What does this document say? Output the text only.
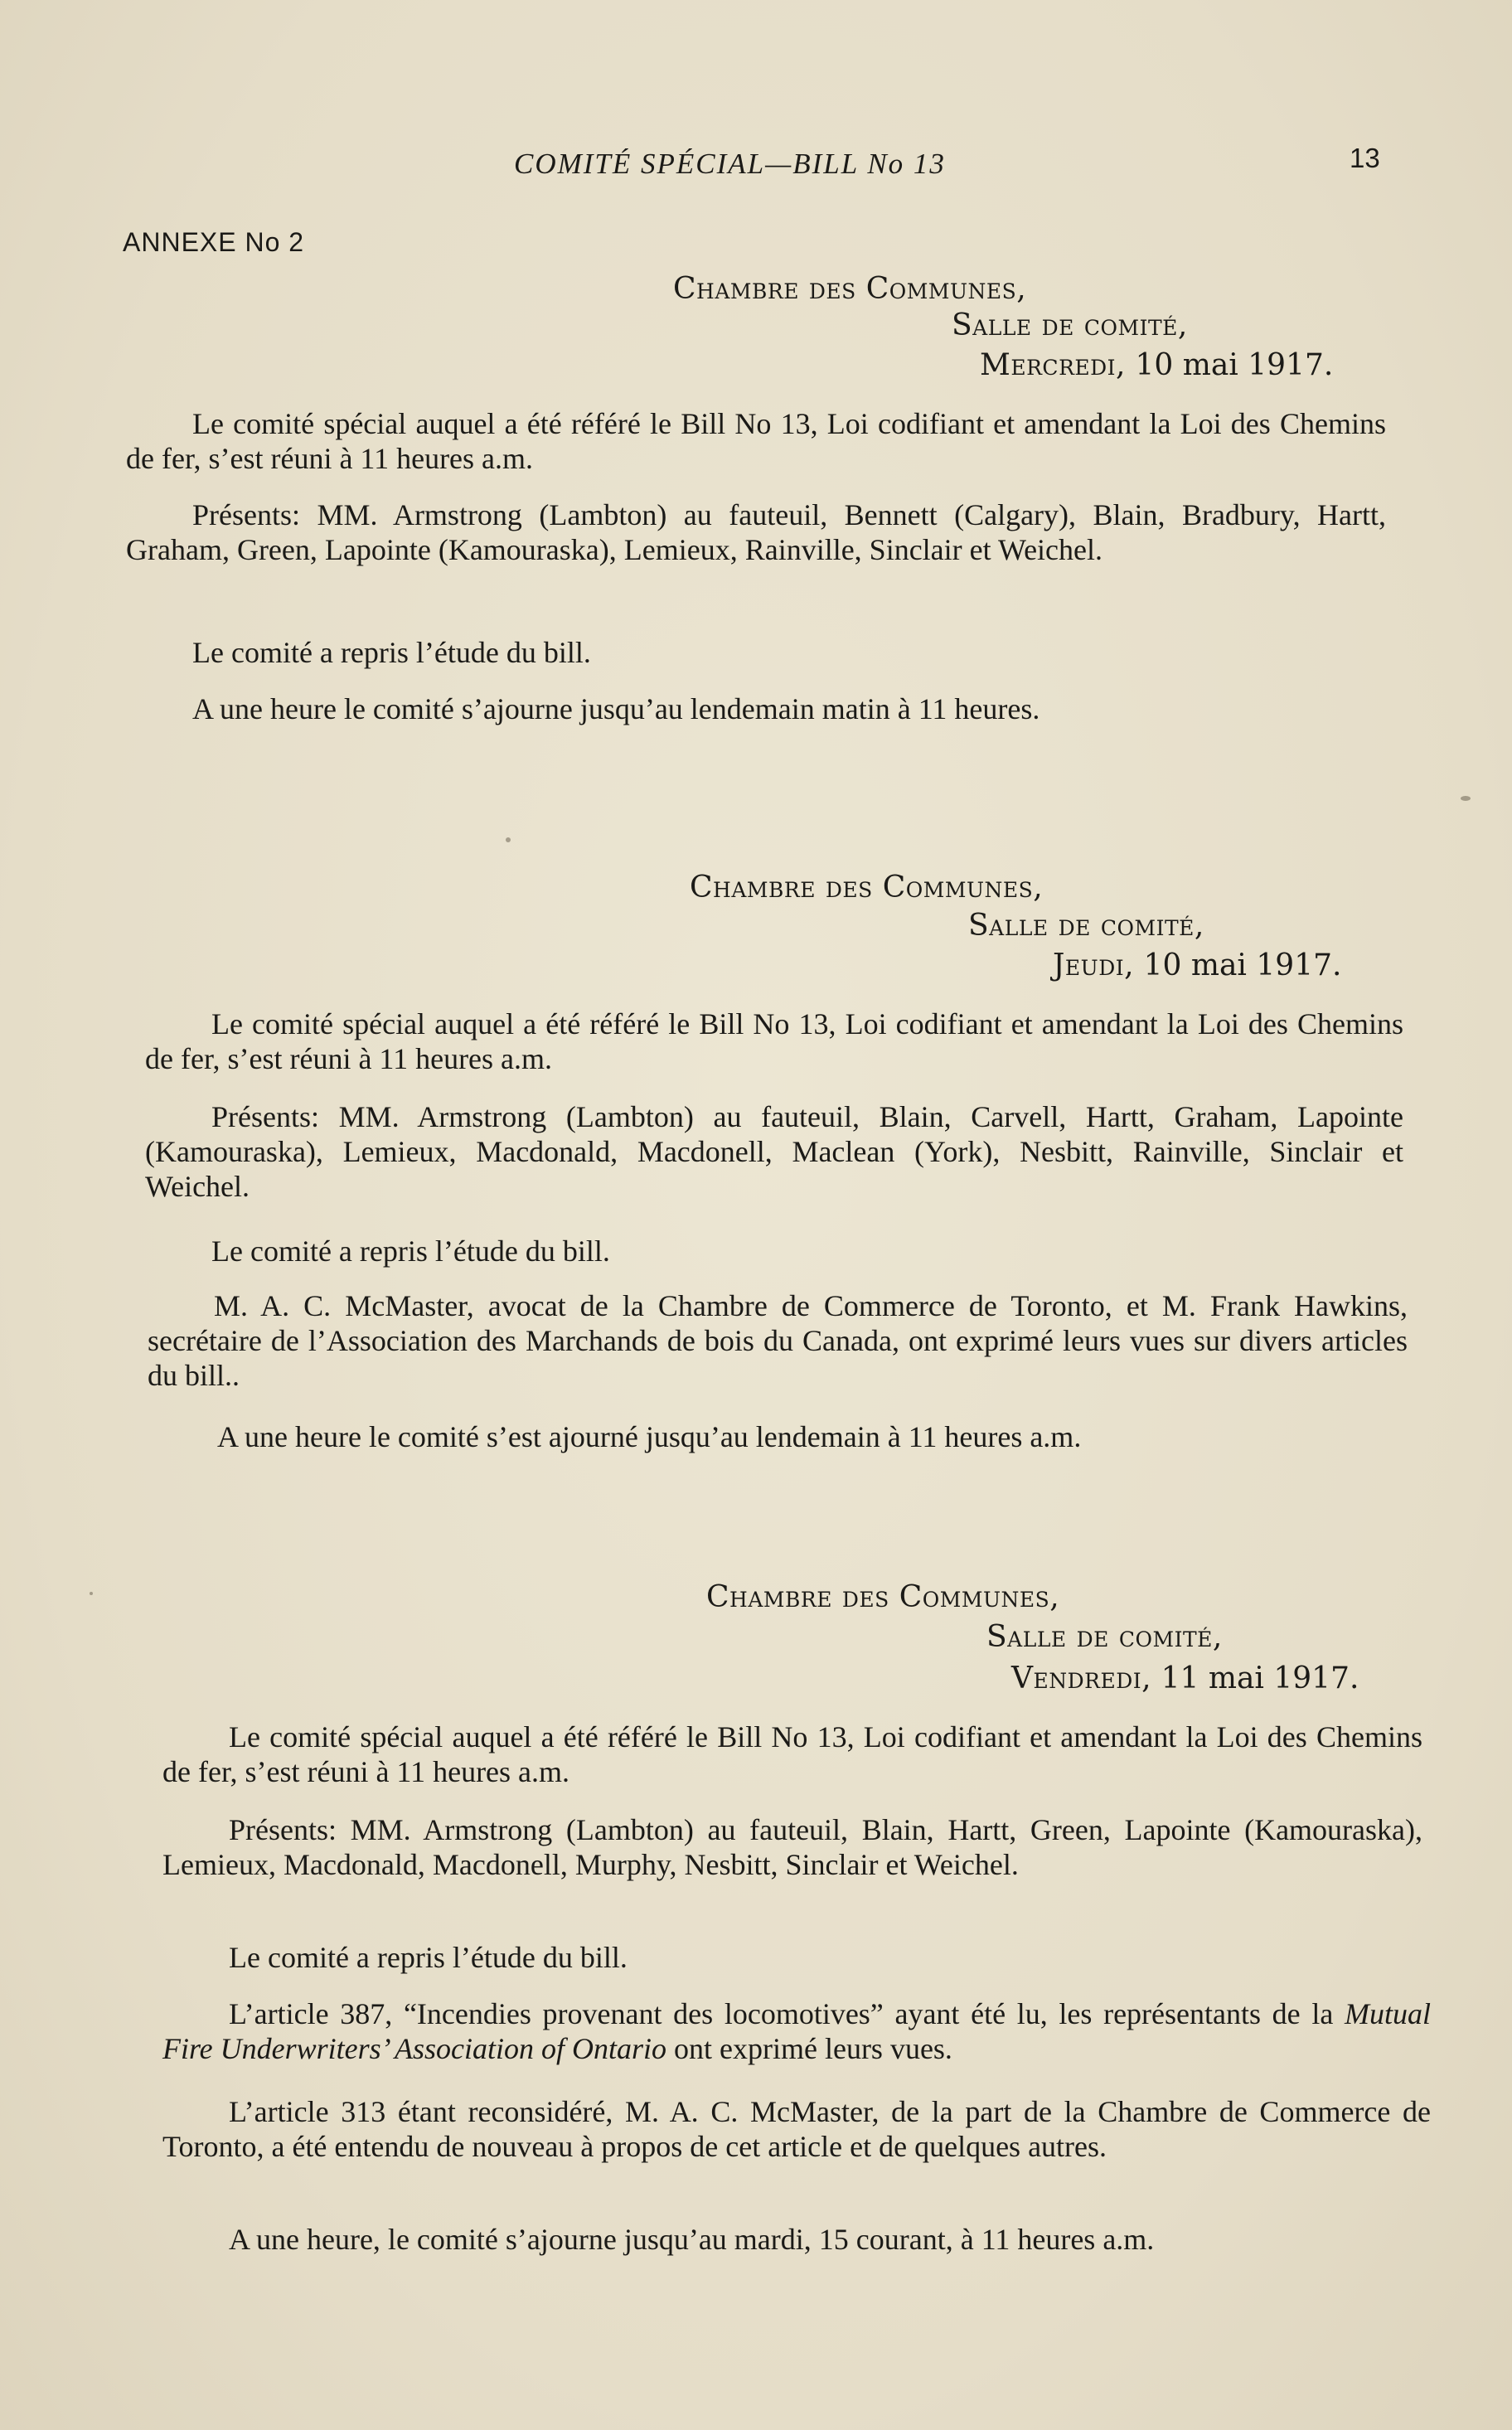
COMITÉ SPÉCIAL—BILL No 13	13
ANNEXE No 2
Chambre des Communes,
Salle de comité,
Mercredi, 10 mai 1917.
Le comité spécial auquel a été référé le Bill No 13, Loi codifiant et amendant la Loi des Chemins de fer, s’est réuni à 11 heures a.m.
Présents: MM. Armstrong (Lambton) au fauteuil, Bennett (Calgary), Blain, Bradbury, Hartt, Graham, Green, Lapointe (Kamouraska), Lemieux, Rainville, Sinclair et Weichel.
Le comité a repris l’étude du bill.
A une heure le comité s’ajourne jusqu’au lendemain matin à 11 heures.
Chambre des Communes,
Salle de comité,
Jeudi, 10 mai 1917.
Le comité spécial auquel a été référé le Bill No 13, Loi codifiant et amendant la Loi des Chemins de fer, s’est réuni à 11 heures a.m.
Présents: MM. Armstrong (Lambton) au fauteuil, Blain, Carvell, Hartt, Graham, Lapointe (Kamouraska), Lemieux, Macdonald, Macdonell, Maclean (York), Nesbitt, Rainville, Sinclair et Weichel.
Le comité a repris l’étude du bill.
M. A. C. McMaster, avocat de la Chambre de Commerce de Toronto, et M. Frank Hawkins, secrétaire de l’Association des Marchands de bois du Canada, ont exprimé leurs vues sur divers articles du bill..
A une heure le comité s’est ajourné jusqu’au lendemain à 11 heures a.m.
Chambre des Communes,
Salle de comité,
Vendredi, 11 mai 1917.
Le comité spécial auquel a été référé le Bill No 13, Loi codifiant et amendant la Loi des Chemins de fer, s’est réuni à 11 heures a.m.
Présents: MM. Armstrong (Lambton) au fauteuil, Blain, Hartt, Green, Lapointe (Kamouraska), Lemieux, Macdonald, Macdonell, Murphy, Nesbitt, Sinclair et Weichel.
Le comité a repris l’étude du bill.
L’article 387, “Incendies provenant des locomotives” ayant été lu, les représentants de la Mutual Fire Underwriters’ Association of Ontario ont exprimé leurs vues.
L’article 313 étant reconsidéré, M. A. C. McMaster, de la part de la Chambre de Commerce de Toronto, a été entendu de nouveau à propos de cet article et de quelques autres.
A une heure, le comité s’ajourne jusqu’au mardi, 15 courant, à 11 heures a.m.
